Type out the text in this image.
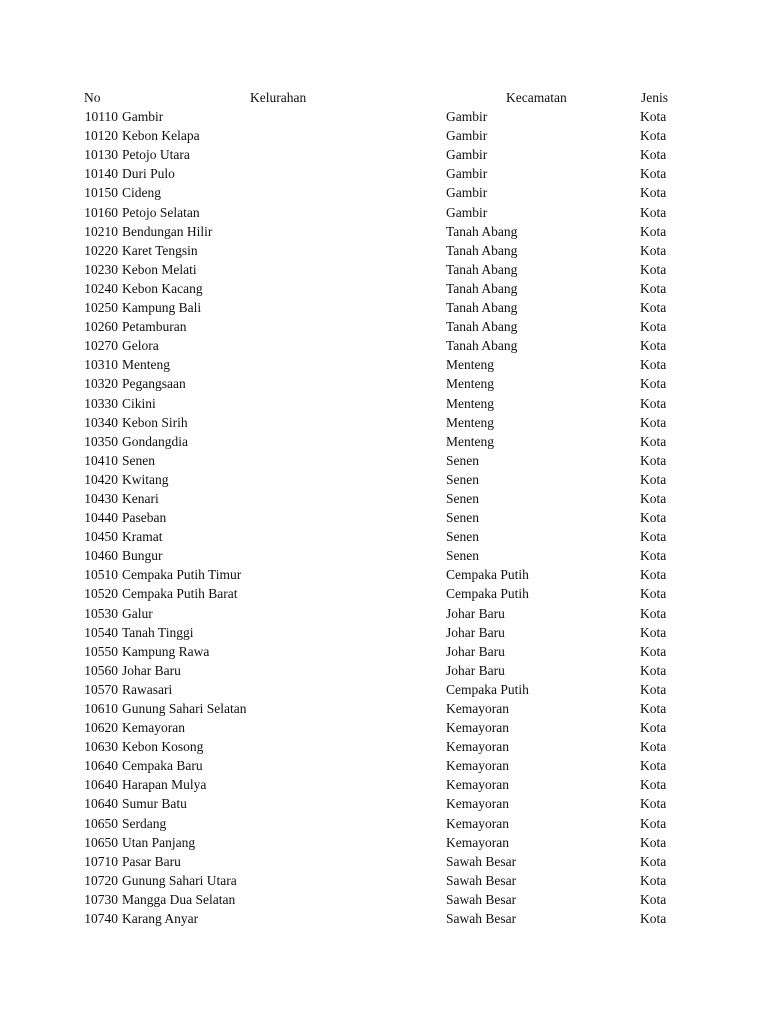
No	Kelurahan	Kecamatan	Jenis
10110 Gambir	Gambir	Kota
10120 Kebon Kelapa	Gambir	Kota
10130 Petojo Utara	Gambir	Kota
10140 Duri Pulo	Gambir	Kota
10150 Cideng	Gambir	Kota
10160 Petojo Selatan	Gambir	Kota
10210 Bendungan Hilir	Tanah Abang	Kota
10220 Karet Tengsin	Tanah Abang	Kota
10230 Kebon Melati	Tanah Abang	Kota
10240 Kebon Kacang	Tanah Abang	Kota
10250 Kampung Bali	Tanah Abang	Kota
10260 Petamburan	Tanah Abang	Kota
10270 Gelora	Tanah Abang	Kota
10310 Menteng	Menteng	Kota
10320 Pegangsaan	Menteng	Kota
10330 Cikini	Menteng	Kota
10340 Kebon Sirih	Menteng	Kota
10350 Gondangdia	Menteng	Kota
10410 Senen	Senen	Kota
10420 Kwitang	Senen	Kota
10430 Kenari	Senen	Kota
10440 Paseban	Senen	Kota
10450 Kramat	Senen	Kota
10460 Bungur	Senen	Kota
10510 Cempaka Putih Timur	Cempaka Putih	Kota
10520 Cempaka Putih Barat	Cempaka Putih	Kota
10530 Galur	Johar Baru	Kota
10540 Tanah Tinggi	Johar Baru	Kota
10550 Kampung Rawa	Johar Baru	Kota
10560 Johar Baru	Johar Baru	Kota
10570 Rawasari	Cempaka Putih	Kota
10610 Gunung Sahari Selatan	Kemayoran	Kota
10620 Kemayoran	Kemayoran	Kota
10630 Kebon Kosong	Kemayoran	Kota
10640 Cempaka Baru	Kemayoran	Kota
10640 Harapan Mulya	Kemayoran	Kota
10640 Sumur Batu	Kemayoran	Kota
10650 Serdang	Kemayoran	Kota
10650 Utan Panjang	Kemayoran	Kota
10710 Pasar Baru	Sawah Besar	Kota
10720 Gunung Sahari Utara	Sawah Besar	Kota
10730 Mangga Dua Selatan	Sawah Besar	Kota
10740 Karang Anyar	Sawah Besar	Kota
